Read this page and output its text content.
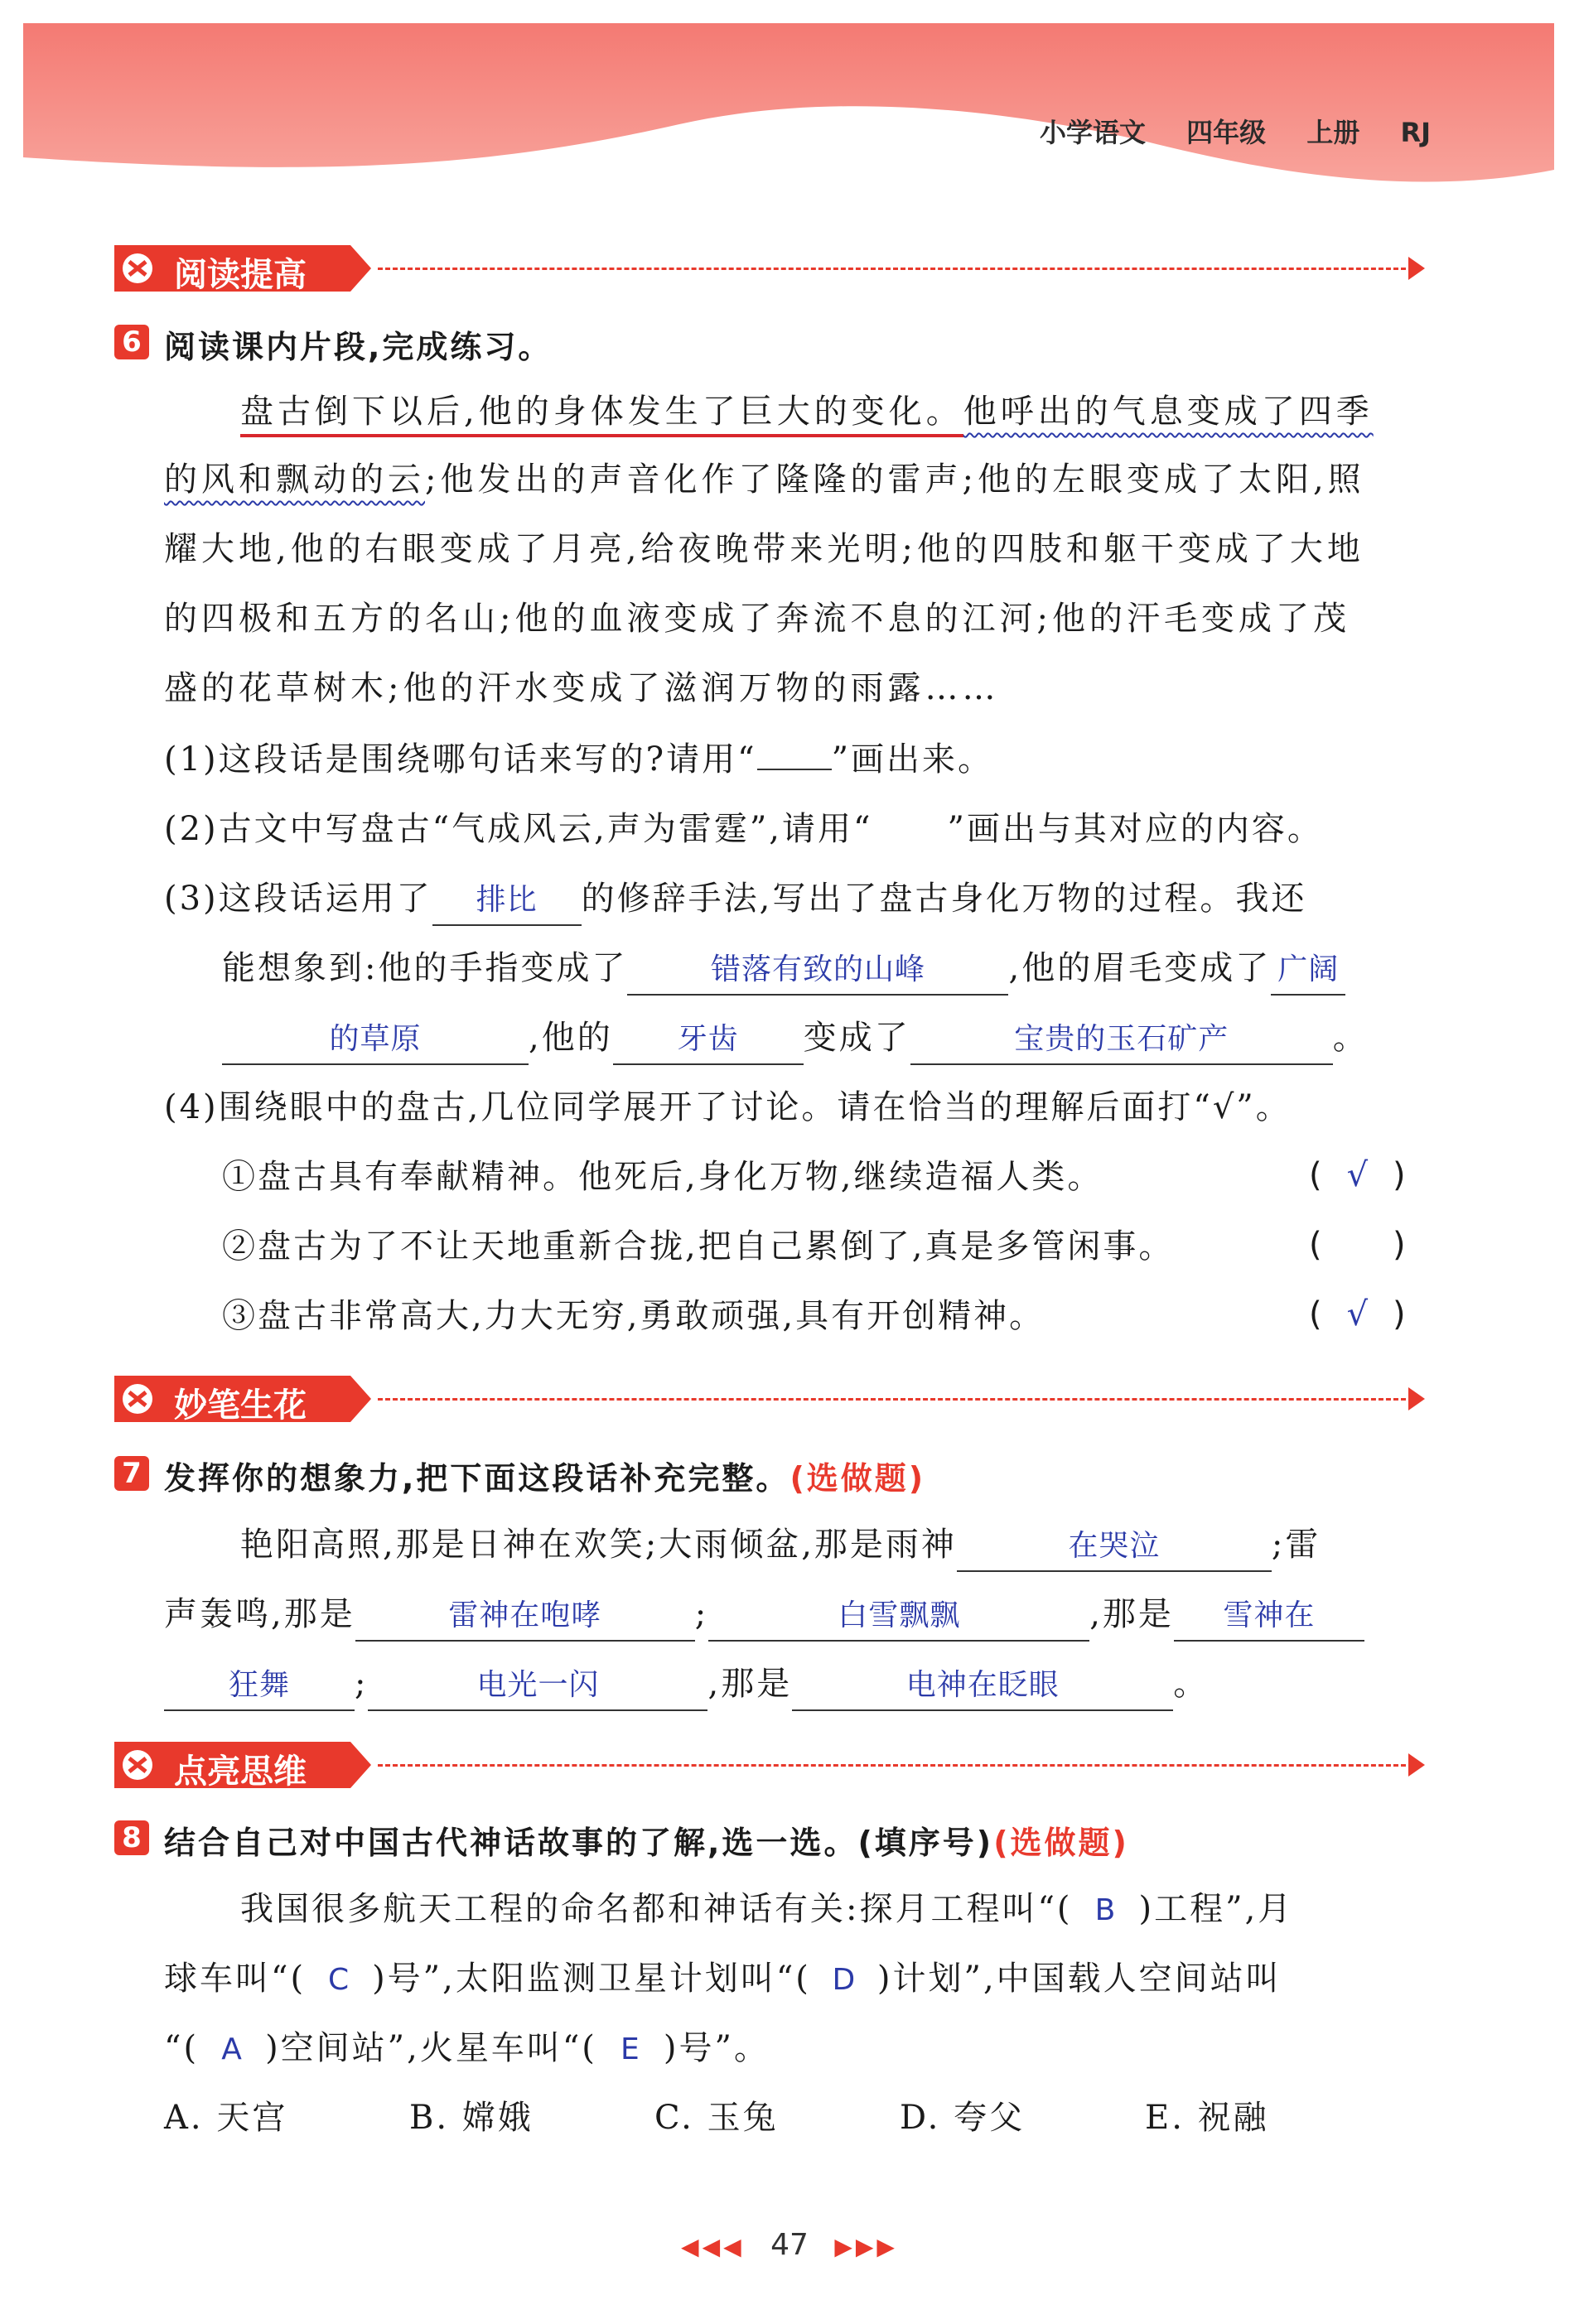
小学语文 四年级 上册 RJ
阅读提高
6 阅读课内片段,完成练习。
盘古倒下以后,他的身体发生了巨大的变化。他呼出的气息变成了四季
的风和飘动的云;他发出的声音化作了隆隆的雷声;他的左眼变成了太阳,照
耀大地,他的右眼变成了月亮,给夜晚带来光明;他的四肢和躯干变成了大地
的四极和五方的名山;他的血液变成了奔流不息的江河;他的汗毛变成了茂
盛的花草树木;他的汗水变成了滋润万物的雨露……
(1)这段话是围绕哪句话来写的?请用“ ”画出来。
(2)古文中写盘古“气成风云,声为雷霆”,请用“ ”画出与其对应的内容。
(3)这段话运用了 排比 的修辞手法,写出了盘古身化万物的过程。我还
能想象到:他的手指变成了	错落有致的山峰	,他的眉毛变成了 广阔
的草原	,他的 牙齿 变成了	宝贵的玉石矿产	。
(4)围绕眼中的盘古,几位同学展开了讨论。请在恰当的理解后面打“√”。
①盘古具有奉献精神。他死后,身化万物,继续造福人类。	( √ )
②盘古为了不让天地重新合拢,把自己累倒了,真是多管闲事。	(  )
③盘古非常高大,力大无穷,勇敢顽强,具有开创精神。	( √ )
妙笔生花
7 发挥你的想象力,把下面这段话补充完整。(选做题)
艳阳高照,那是日神在欢笑;大雨倾盆,那是雨神	在哭泣	;雷
声轰鸣,那是	雷神在咆哮	;	白雪飘飘	,那是 雪神在
狂舞 ;	电光一闪	,那是	电神在眨眼	。
点亮思维
8 结合自己对中国古代神话故事的了解,选一选。(填序号)(选做题)
我国很多航天工程的命名都和神话有关:探月工程叫“( B )工程”,月
球车叫“( C )号”,太阳监测卫星计划叫“( D )计划”,中国载人空间站叫
“( A )空间站”,火星车叫“( E )号”。
A. 天宫	B. 嫦娥	C. 玉兔	D. 夸父	E. 祝融
◀◀◀ 47 ▶▶▶
